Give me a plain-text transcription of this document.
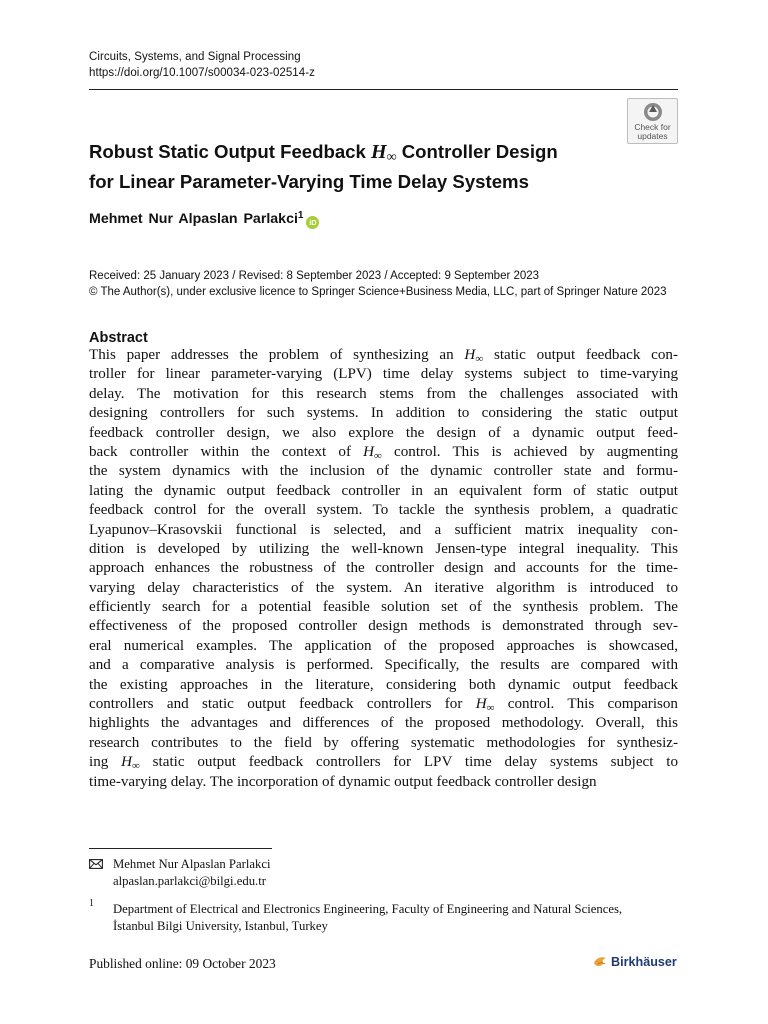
Circuits, Systems, and Signal Processing
https://doi.org/10.1007/s00034-023-02514-z
Check for
updates
Robust Static Output Feedback $H_\infty$ Controller Design
for Linear Parameter-Varying Time Delay Systems
Mehmet Nur Alpaslan Parlakci$^1$iD
Received: 25 January 2023 / Revised: 8 September 2023 / Accepted: 9 September 2023
© The Author(s), under exclusive licence to Springer Science+Business Media, LLC, part of Springer Nature 2023
Abstract
This paper addresses the problem of synthesizing an $H_\infty$ static output feedback con-
troller for linear parameter-varying (LPV) time delay systems subject to time-varying
delay. The motivation for this research stems from the challenges associated with
designing controllers for such systems. In addition to considering the static output
feedback controller design, we also explore the design of a dynamic output feed-
back controller within the context of $H_\infty$ control. This is achieved by augmenting
the system dynamics with the inclusion of the dynamic controller state and formu-
lating the dynamic output feedback controller in an equivalent form of static output
feedback control for the overall system. To tackle the synthesis problem, a quadratic
Lyapunov–Krasovskii functional is selected, and a sufficient matrix inequality con-
dition is developed by utilizing the well-known Jensen-type integral inequality. This
approach enhances the robustness of the controller design and accounts for the time-
varying delay characteristics of the system. An iterative algorithm is introduced to
efficiently search for a potential feasible solution set of the synthesis problem. The
effectiveness of the proposed controller design methods is demonstrated through sev-
eral numerical examples. The application of the proposed approaches is showcased,
and a comparative analysis is performed. Specifically, the results are compared with
the existing approaches in the literature, considering both dynamic output feedback
controllers and static output feedback controllers for $H_\infty$ control. This comparison
highlights the advantages and differences of the proposed methodology. Overall, this
research contributes to the field by offering systematic methodologies for synthesiz-
ing $H_\infty$ static output feedback controllers for LPV time delay systems subject to
time-varying delay. The incorporation of dynamic output feedback controller design
Mehmet Nur Alpaslan Parlakci
alpaslan.parlakci@bilgi.edu.tr
1 Department of Electrical and Electronics Engineering, Faculty of Engineering and Natural Sciences,
İstanbul Bilgi University, Istanbul, Turkey
Published online: 09 October 2023	Birkhäuser
